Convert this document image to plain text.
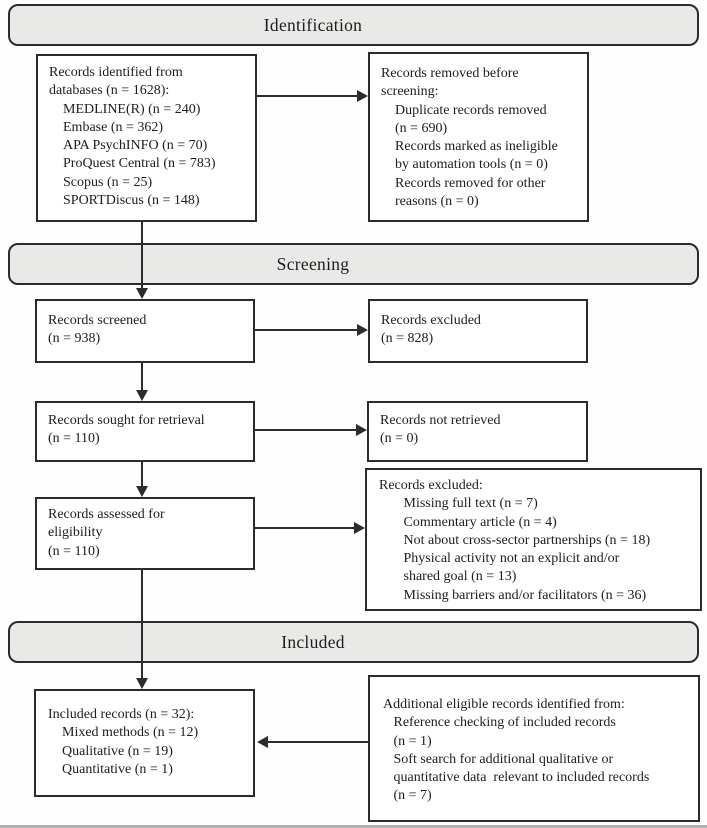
Identification
Screening
Included
Records identified from
databases (n = 1628):
MEDLINE(R) (n = 240)
Embase (n = 362)
APA PsychINFO (n = 70)
ProQuest Central (n = 783)
Scopus (n = 25)
SPORTDiscus (n = 148)
Records removed before
screening:
Duplicate records removed
(n = 690)
Records marked as ineligible
by automation tools (n = 0)
Records removed for other
reasons (n = 0)
Records screened
(n = 938)
Records excluded
(n = 828)
Records sought for retrieval
(n = 110)
Records not retrieved
(n = 0)
Records assessed for
eligibility
(n = 110)
Records excluded:
Missing full text (n = 7)
Commentary article (n = 4)
Not about cross-sector partnerships (n = 18)
Physical activity not an explicit and/or
shared goal (n = 13)
Missing barriers and/or facilitators (n = 36)
Included records (n = 32):
Mixed methods (n = 12)
Qualitative (n = 19)
Quantitative (n = 1)
Additional eligible records identified from:
Reference checking of included records
(n = 1)
Soft search for additional qualitative or
quantitative data  relevant to included records
(n = 7)
